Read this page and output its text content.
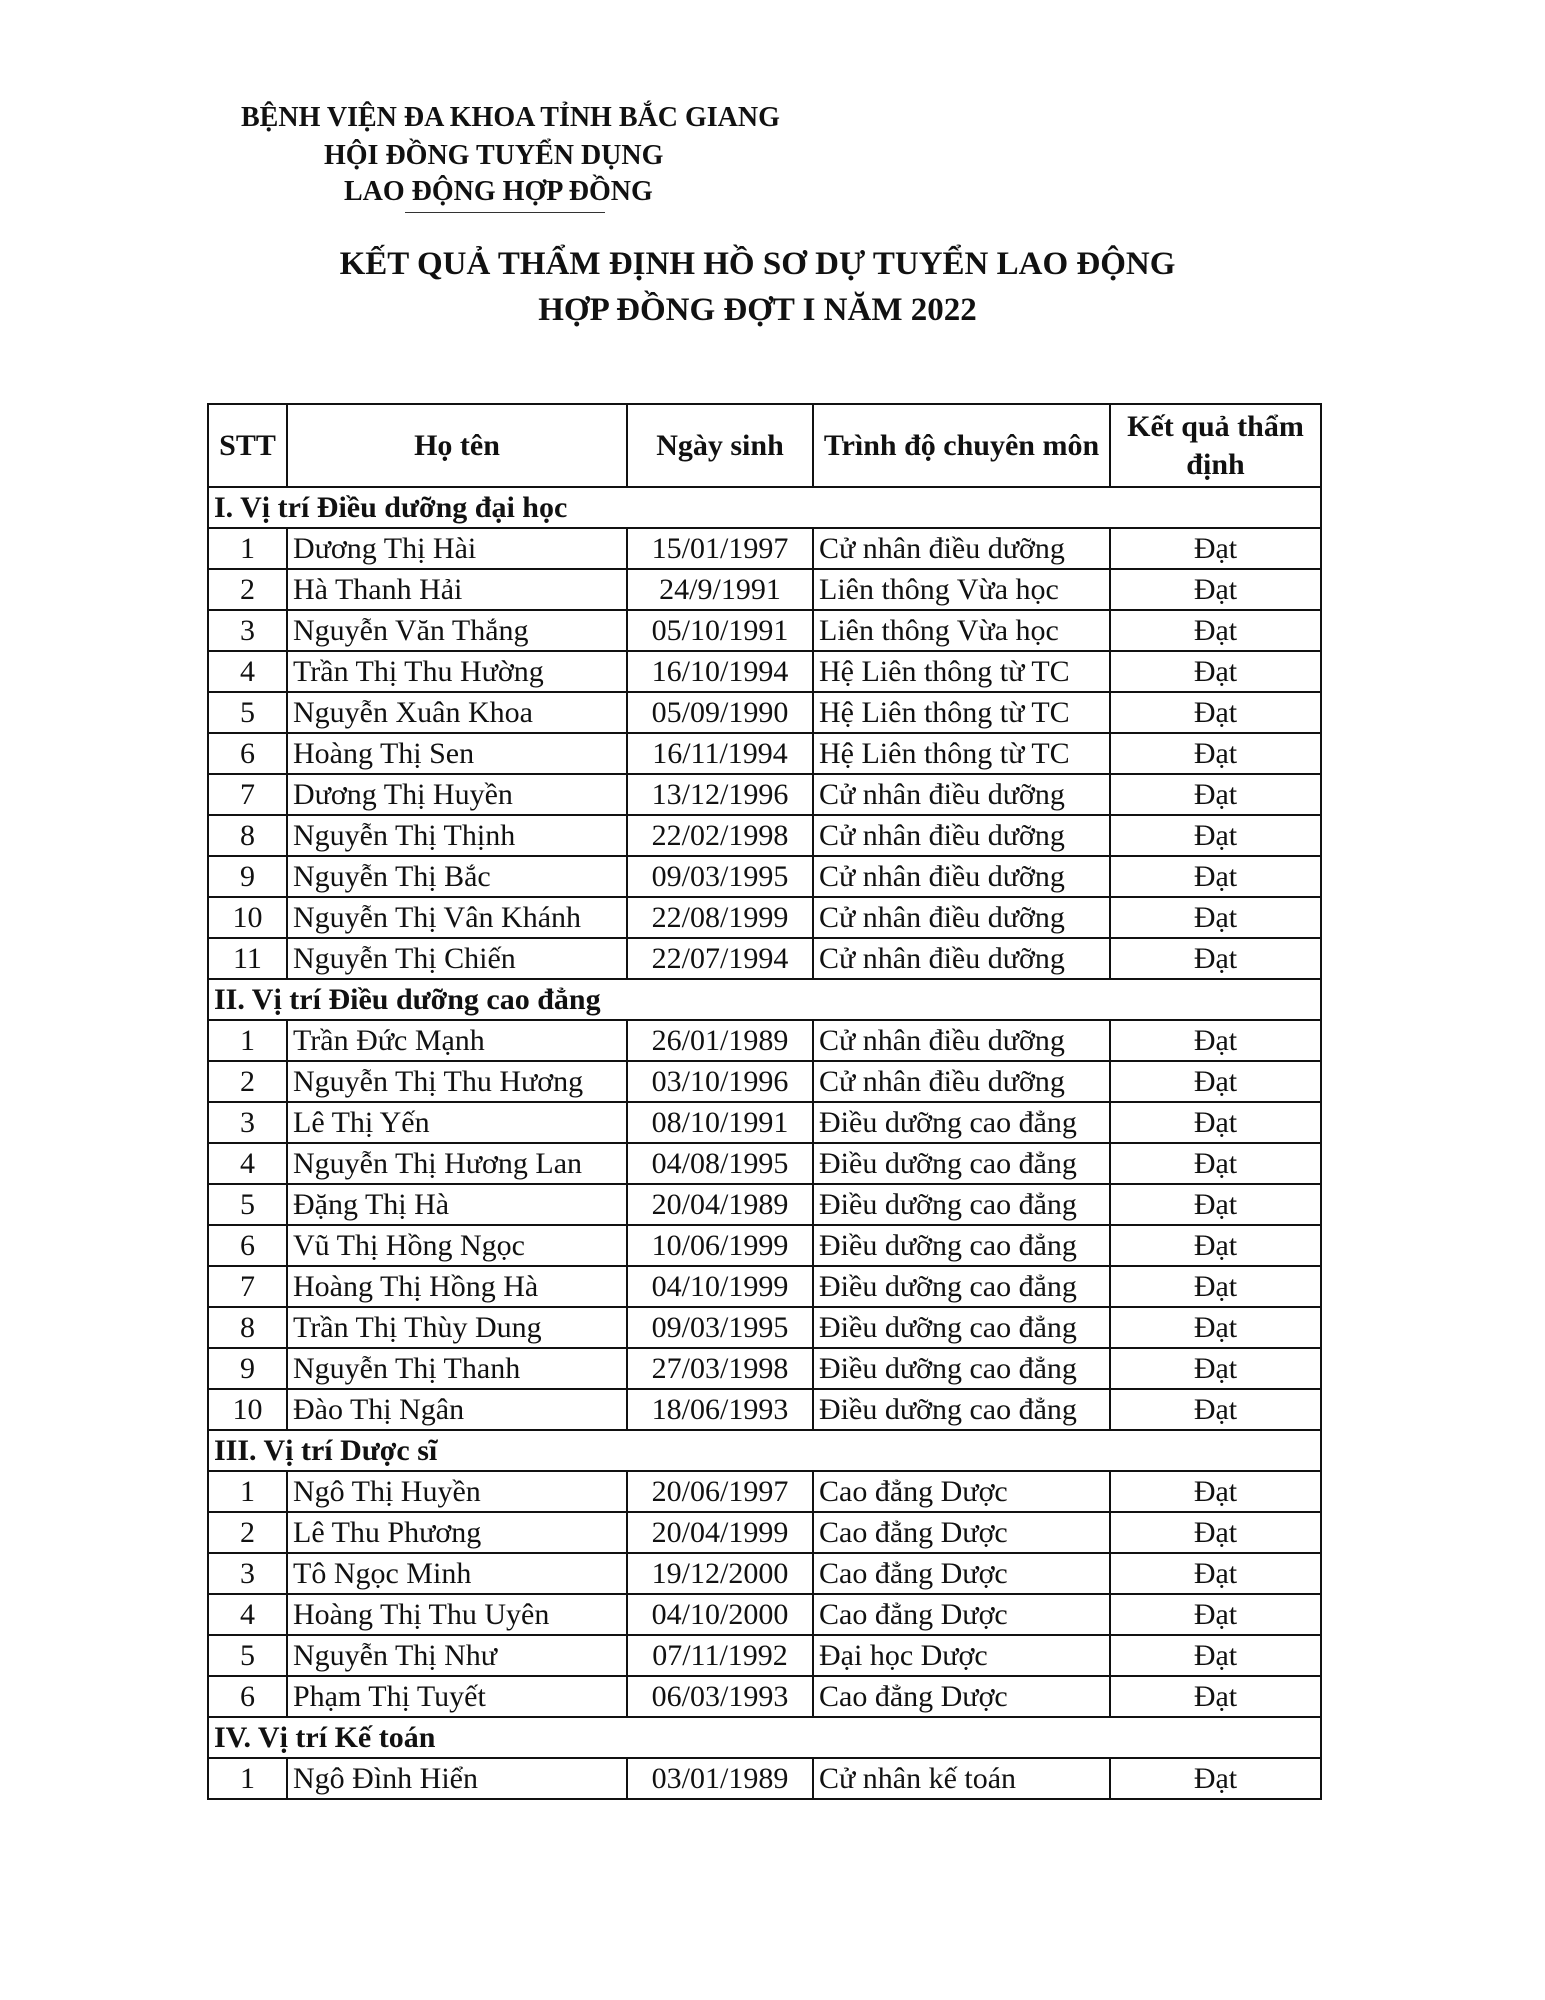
BỆNH VIỆN ĐA KHOA TỈNH BẮC GIANG
HỘI ĐỒNG TUYỂN DỤNG
LAO ĐỘNG HỢP ĐỒNG
KẾT QUẢ THẨM ĐỊNH HỒ SƠ DỰ TUYỂN LAO ĐỘNG
HỢP ĐỒNG ĐỢT I NĂM 2022
STT	Họ tên	Ngày sinh	Trình độ chuyên môn	Kết quả thẩm định
I. Vị trí Điều dưỡng đại học				
1	Dương Thị Hài	15/01/1997	Cử nhân điều dưỡng	Đạt
2	Hà Thanh Hải	24/9/1991	Liên thông Vừa học	Đạt
3	Nguyễn Văn Thắng	05/10/1991	Liên thông Vừa học	Đạt
4	Trần Thị Thu Hường	16/10/1994	Hệ Liên thông từ TC	Đạt
5	Nguyễn Xuân Khoa	05/09/1990	Hệ Liên thông từ TC	Đạt
6	Hoàng Thị Sen	16/11/1994	Hệ Liên thông từ TC	Đạt
7	Dương Thị Huyền	13/12/1996	Cử nhân điều dưỡng	Đạt
8	Nguyễn Thị Thịnh	22/02/1998	Cử nhân điều dưỡng	Đạt
9	Nguyễn Thị Bắc	09/03/1995	Cử nhân điều dưỡng	Đạt
10	Nguyễn Thị Vân Khánh	22/08/1999	Cử nhân điều dưỡng	Đạt
11	Nguyễn Thị Chiến	22/07/1994	Cử nhân điều dưỡng	Đạt
II. Vị trí Điều dưỡng cao đẳng				
1	Trần Đức Mạnh	26/01/1989	Cử nhân điều dưỡng	Đạt
2	Nguyễn Thị Thu Hương	03/10/1996	Cử nhân điều dưỡng	Đạt
3	Lê Thị Yến	08/10/1991	Điều dưỡng cao đẳng	Đạt
4	Nguyễn Thị Hương Lan	04/08/1995	Điều dưỡng cao đẳng	Đạt
5	Đặng Thị Hà	20/04/1989	Điều dưỡng cao đẳng	Đạt
6	Vũ Thị Hồng Ngọc	10/06/1999	Điều dưỡng cao đẳng	Đạt
7	Hoàng Thị Hồng Hà	04/10/1999	Điều dưỡng cao đẳng	Đạt
8	Trần Thị Thùy Dung	09/03/1995	Điều dưỡng cao đẳng	Đạt
9	Nguyễn Thị Thanh	27/03/1998	Điều dưỡng cao đẳng	Đạt
10	Đào Thị Ngân	18/06/1993	Điều dưỡng cao đẳng	Đạt
III. Vị trí Dược sĩ				
1	Ngô Thị Huyền	20/06/1997	Cao đẳng Dược	Đạt
2	Lê Thu Phương	20/04/1999	Cao đẳng Dược	Đạt
3	Tô Ngọc Minh	19/12/2000	Cao đẳng Dược	Đạt
4	Hoàng Thị Thu Uyên	04/10/2000	Cao đẳng Dược	Đạt
5	Nguyễn Thị Như	07/11/1992	Đại học Dược	Đạt
6	Phạm Thị Tuyết	06/03/1993	Cao đẳng Dược	Đạt
IV. Vị trí Kế toán				
1	Ngô Đình Hiển	03/01/1989	Cử nhân kế toán	Đạt
